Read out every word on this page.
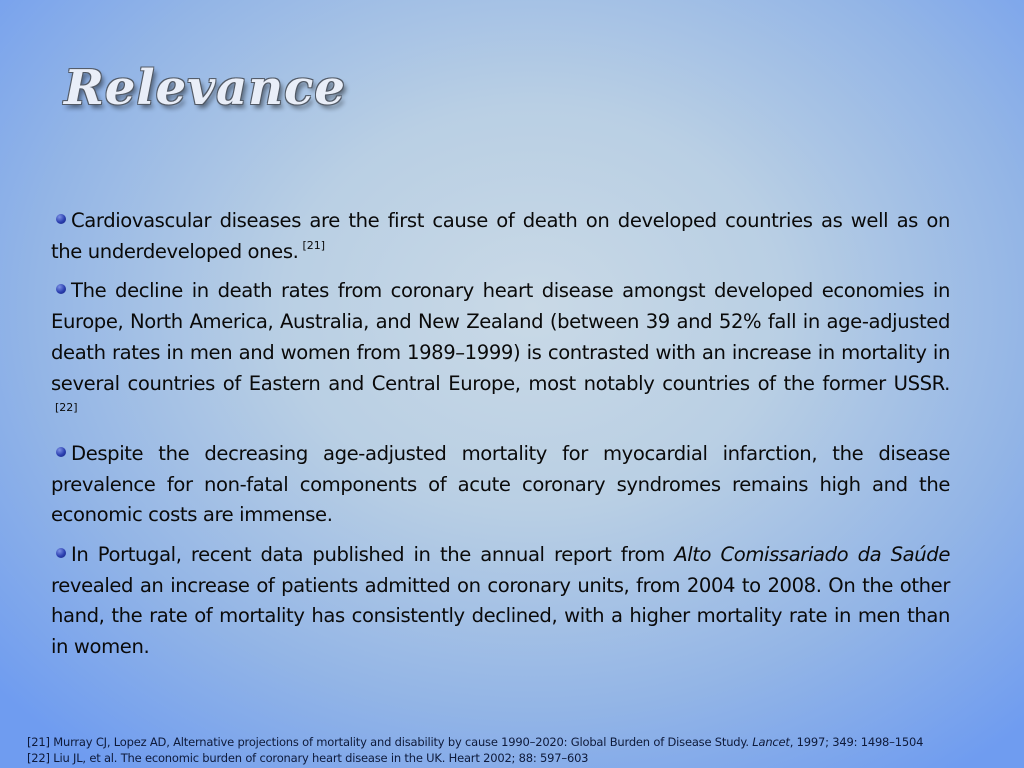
Relevance

Cardiovascular diseases are the first cause of death on developed countries as well as on the underdeveloped ones. [21]

The decline in death rates from coronary heart disease amongst developed economies in Europe, North America, Australia, and New Zealand (between 39 and 52% fall in age-adjusted death rates in men and women from 1989–1999) is contrasted with an increase in mortality in several countries of Eastern and Central Europe, most notably countries of the former USSR.[22]

Despite the decreasing age-adjusted mortality for myocardial infarction, the disease prevalence for non-fatal components of acute coronary syndromes remains high and the economic costs are immense.

In Portugal, recent data published in the annual report from Alto Comissariado da Saúde revealed an increase of patients admitted on coronary units, from 2004 to 2008. On the other hand, the rate of mortality has consistently declined, with a higher mortality rate in men than in women.

[21] Murray CJ, Lopez AD, Alternative projections of mortality and disability by cause 1990–2020: Global Burden of Disease Study. Lancet, 1997; 349: 1498–1504

[22] Liu JL, et al. The economic burden of coronary heart disease in the UK. Heart 2002; 88: 597–603
